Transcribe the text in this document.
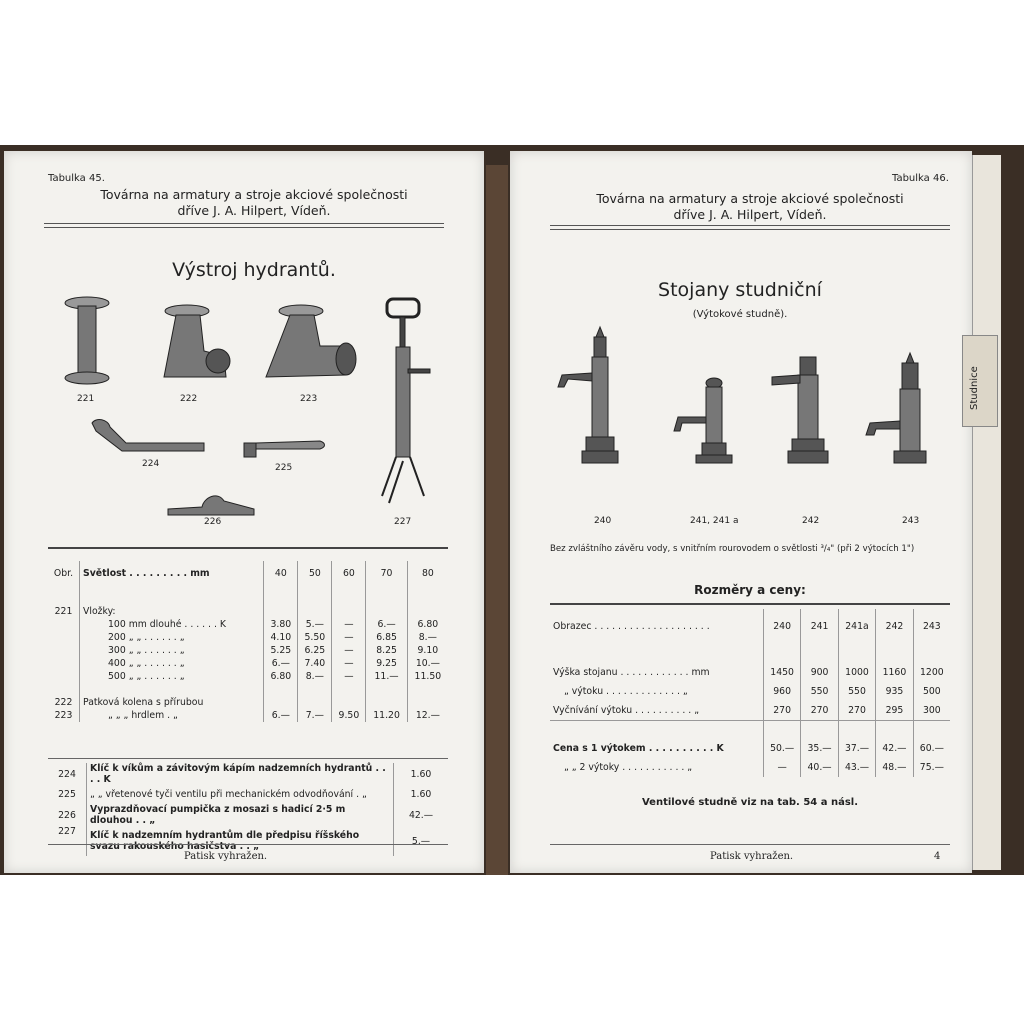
Tabulka 45.
Továrna na armatury a stroje akciové společnosti
dříve J. A. Hilpert, Vídeň.
Výstroj hydrantů.
221	222	223
224	225
227
226
Obr.	Světlost . . . . . . . . . mm	40	50	60	70	80

221	Vložky:					
	100 mm dlouhé . . . . . . K	3.80	5.—	—	6.—	6.80
	200 „ „ . . . . . . „	4.10	5.50	—	6.85	8.—
	300 „ „ . . . . . . „	5.25	6.25	—	8.25	9.10
	400 „ „ . . . . . . „	6.—	7.40	—	9.25	10.—
	500 „ „ . . . . . . „	6.80	8.—	—	11.—	11.50

222	Patková kolena s přírubou					
223	„ „ „ hrdlem . „	6.—	7.—	9.50	11.20	12.—
224	Klíč k víkům a závitovým kápím nadzemních hydrantů . . . . K	1.60
225	„ „ vřetenové tyči ventilu při mechanickém odvodňování . „	1.60
226	Vyprazdňovací pumpička z mosazi s hadicí 2·5 m dlouhou . . „	42.—
227	Klíč k nadzemním hydrantům dle předpisu říšského svazu rakouského hasičstva . . „	5.—
Patisk vyhražen.
Tabulka 46.
Továrna na armatury a stroje akciové společnosti
dříve J. A. Hilpert, Vídeň.
Stojany studniční
(Výtokové studně).
240	241, 241 a	242	243
Bez zvláštního závěru vody, s vnitřním rourovodem o světlosti ³/₄" (při 2 výtocích 1")
Rozměry a ceny:
Obrazec . . . . . . . . . . . . . . . . . . . .	240	241	241a	242	243

Výška stojanu . . . . . . . . . . . . mm	1450	900	1000	1160	1200
„ výtoku . . . . . . . . . . . . . „	960	550	550	935	500
Vyčnívání výtoku . . . . . . . . . . „	270	270	270	295	300

Cena s 1 výtokem . . . . . . . . . . K	50.—	35.—	37.—	42.—	60.—
„ „ 2 výtoky . . . . . . . . . . . „	—	40.—	43.—	48.—	75.—
Ventilové studně viz na tab. 54 a násl.
Patisk vyhražen.	4
Studnice
